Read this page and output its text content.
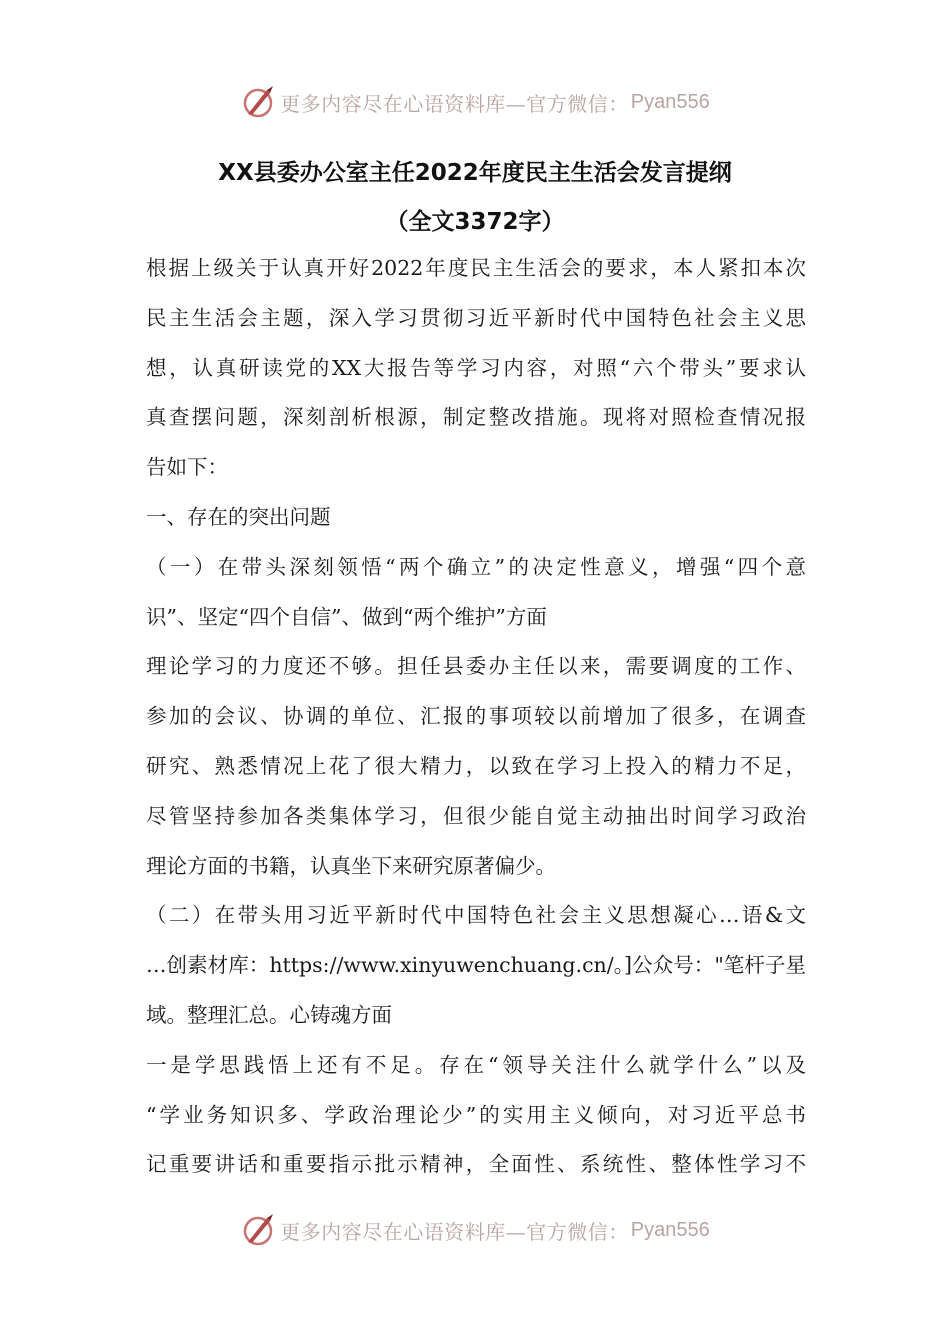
更多内容尽在心语资料库—官方微信： Pyan556
XX县委办公室主任2022年度民主生活会发言提纲
（全文3372字）
根据上级关于认真开好2022年度民主生活会的要求，本人紧扣本次
民主生活会主题，深入学习贯彻习近平新时代中国特色社会主义思
想，认真研读党的XX大报告等学习内容，对照“六个带头”要求认
真查摆问题，深刻剖析根源，制定整改措施。现将对照检查情况报
告如下：
一、存在的突出问题
（一）在带头深刻领悟“两个确立”的决定性意义，增强“四个意
识”、坚定“四个自信”、做到“两个维护”方面
理论学习的力度还不够。担任县委办主任以来，需要调度的工作、
参加的会议、协调的单位、汇报的事项较以前增加了很多，在调查
研究、熟悉情况上花了很大精力，以致在学习上投入的精力不足，
尽管坚持参加各类集体学习，但很少能自觉主动抽出时间学习政治
理论方面的书籍，认真坐下来研究原著偏少。
（二）在带头用习近平新时代中国特色社会主义思想凝心…语&文
…创素材库：https://www.xinyuwenchuang.cn/。]公众号："笔杆子星
域。整理汇总。心铸魂方面
一是学思践悟上还有不足。存在“领导关注什么就学什么”以及
“学业务知识多、学政治理论少”的实用主义倾向，对习近平总书
记重要讲话和重要指示批示精神，全面性、系统性、整体性学习不
更多内容尽在心语资料库—官方微信： Pyan556
